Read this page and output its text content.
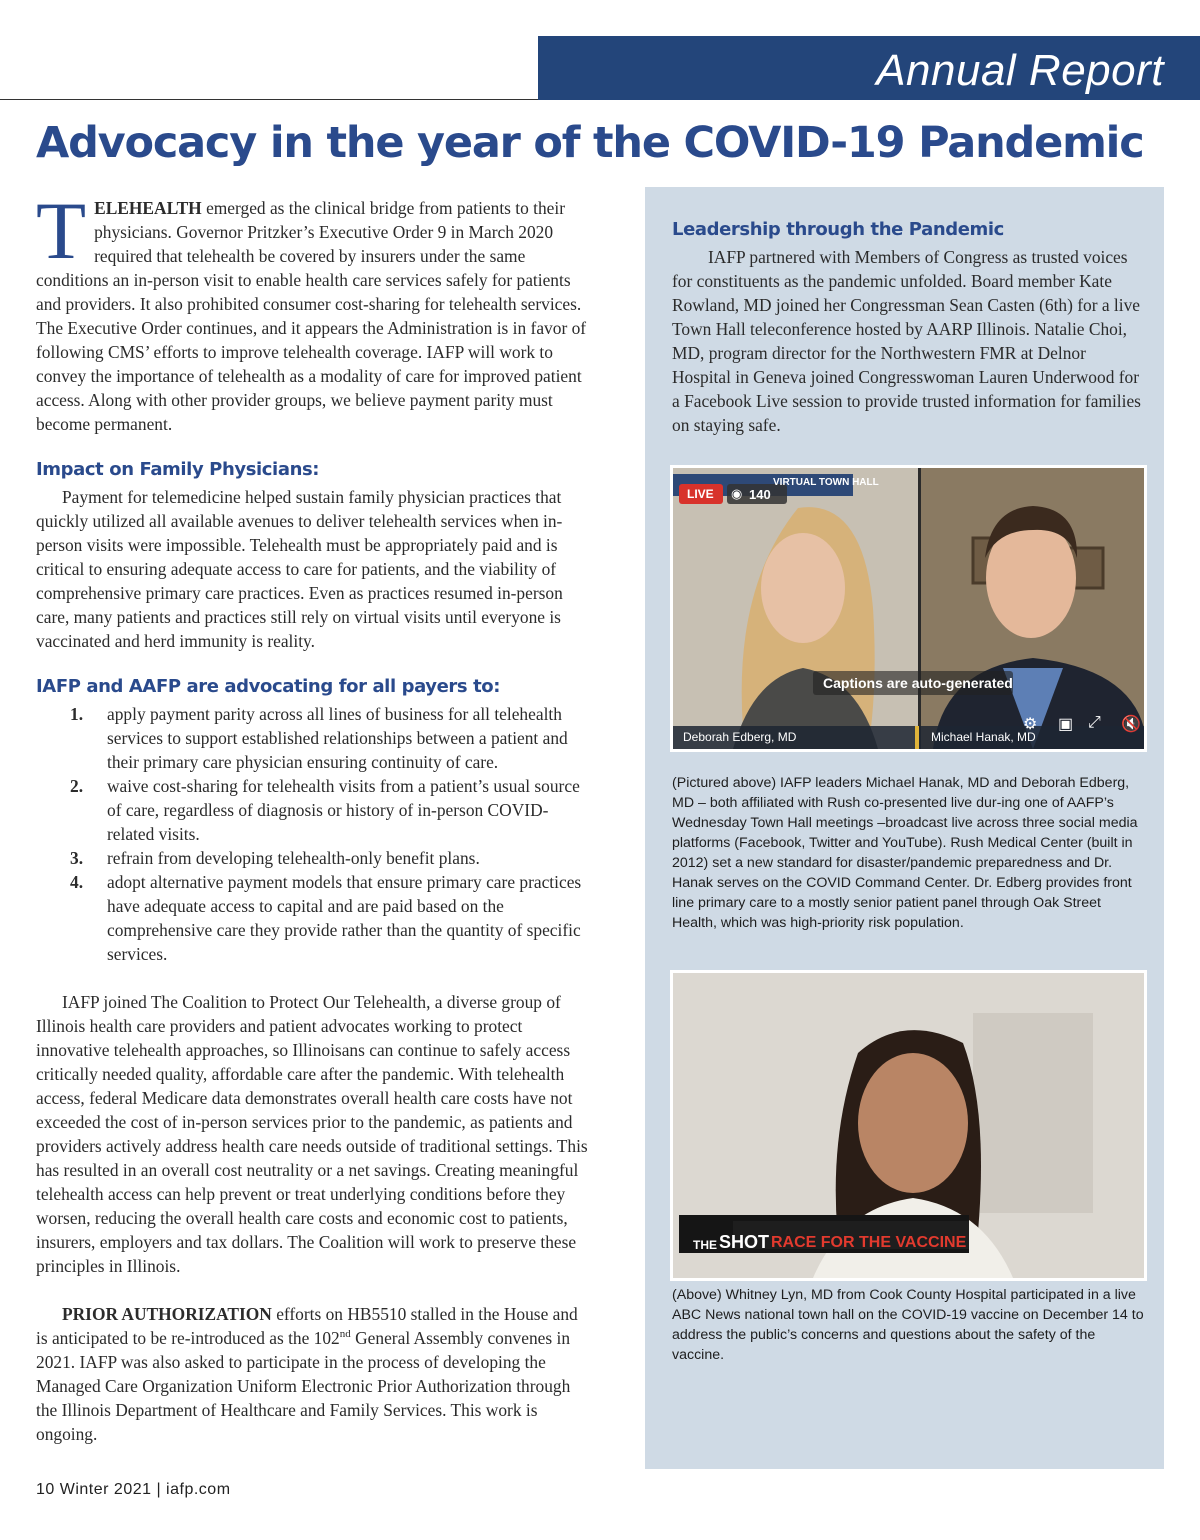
Annual Report
Advocacy in the year of the COVID-19 Pandemic

TELEHEALTH emerged as the clinical bridge from patients to their physicians. Governor Pritzker’s Executive Order 9 in March 2020 required that telehealth be covered by insurers under the same conditions an in-person visit to enable health care services safely for patients and providers. It also prohibited consumer cost-sharing for telehealth services. The Executive Order continues, and it appears the Administration is in favor of following CMS’ efforts to improve telehealth coverage. IAFP will work to convey the importance of telehealth as a modality of care for improved patient access. Along with other provider groups, we believe payment parity must become permanent.

Impact on Family Physicians:

Payment for telemedicine helped sustain family physician practices that quickly utilized all available avenues to deliver telehealth services when in-person visits were impossible. Telehealth must be appropriately paid and is critical to ensuring adequate access to care for patients, and the viability of comprehensive primary care practices. Even as practices resumed in-person care, many patients and practices still rely on virtual visits until everyone is vaccinated and herd immunity is reality.

IAFP and AAFP are advocating for all payers to:
1. apply payment parity across all lines of business for all telehealth services to support established relationships between a patient and their primary care physician ensuring continuity of care.
2. waive cost-sharing for telehealth visits from a patient’s usual source of care, regardless of diagnosis or history of in-person COVID-related visits.
3. refrain from developing telehealth-only benefit plans.
4. adopt alternative payment models that ensure primary care practices have adequate access to capital and are paid based on the comprehensive care they provide rather than the quantity of specific services.

IAFP joined The Coalition to Protect Our Telehealth, a diverse group of Illinois health care providers and patient advocates working to protect innovative telehealth approaches, so Illinoisans can continue to safely access critically needed quality, affordable care after the pandemic. With telehealth access, federal Medicare data demonstrates overall health care costs have not exceeded the cost of in-person services prior to the pandemic, as patients and providers actively address health care needs outside of traditional settings. This has resulted in an overall cost neutrality or a net savings. Creating meaningful telehealth access can help prevent or treat underlying conditions before they worsen, reducing the overall health care costs and economic cost to patients, insurers, employers and tax dollars. The Coalition will work to preserve these principles in Illinois.

PRIOR AUTHORIZATION efforts on HB5510 stalled in the House and is anticipated to be re-introduced as the 102nd General Assembly convenes in 2021. IAFP was also asked to participate in the process of developing the Managed Care Organization Uniform Electronic Prior Authorization through the Illinois Department of Healthcare and Family Services. This work is ongoing.

Leadership through the Pandemic

IAFP partnered with Members of Congress as trusted voices for constituents as the pandemic unfolded. Board member Kate Rowland, MD joined her Congressman Sean Casten (6th) for a live Town Hall teleconference hosted by AARP Illinois. Natalie Choi, MD, program director for the Northwestern FMR at Delnor Hospital in Geneva joined Congresswoman Lauren Underwood for a Facebook Live session to provide trusted information for families on staying safe.

VIRTUAL TOWN HALL
LIVE ◉ 140
Captions are auto-generated
Deborah Edberg, MD	Michael Hanak, MD
⚙ ▣ ⤢ 🔇

(Pictured above) IAFP leaders Michael Hanak, MD and Deborah Edberg, MD – both affiliated with Rush co-presented live dur-ing one of AAFP’s Wednesday Town Hall meetings –broadcast live across three social media platforms (Facebook, Twitter and YouTube). Rush Medical Center (built in 2012) set a new standard for disaster/pandemic preparedness and Dr. Hanak serves on the COVID Command Center. Dr. Edberg provides front line primary care to a mostly senior patient panel through Oak Street Health, which was high-priority risk population.

THE SHOT RACE FOR THE VACCINE

(Above) Whitney Lyn, MD from Cook County Hospital participated in a live ABC News national town hall on the COVID-19 vaccine on December 14 to address the public’s concerns and questions about the safety of the vaccine.

10 Winter 2021 | iafp.com
